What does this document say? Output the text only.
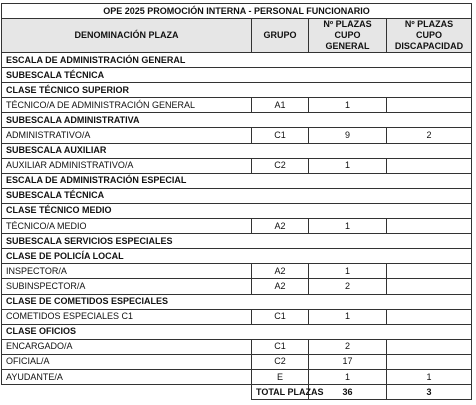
OPE 2025 PROMOCIÓN INTERNA - PERSONAL FUNCIONARIO			
DENOMINACIÓN PLAZA	GRUPO	Nº PLAZAS CUPO GENERAL	Nº PLAZAS CUPO DISCAPACIDAD
ESCALA DE ADMINISTRACIÓN GENERAL			
SUBESCALA TÉCNICA			
CLASE TÉCNICO SUPERIOR			
TÉCNICO/A DE ADMINISTRACIÓN GENERAL	A1	1	
SUBESCALA ADMINISTRATIVA			
ADMINISTRATIVO/A	C1	9	2
SUBESCALA AUXILIAR			
AUXILIAR ADMINISTRATIVO/A	C2	1	
ESCALA DE ADMINISTRACIÓN ESPECIAL			
SUBESCALA TÉCNICA			
CLASE TÉCNICO MEDIO			
TÉCNICO/A MEDIO	A2	1	
SUBESCALA SERVICIOS ESPECIALES			
CLASE DE POLICÍA LOCAL			
INSPECTOR/A	A2	1	
SUBINSPECTOR/A	A2	2	
CLASE DE COMETIDOS ESPECIALES			
COMETIDOS ESPECIALES C1	C1	1	
CLASE OFICIOS			
ENCARGADO/A	C1	2	
OFICIAL/A	C2	17	
AYUDANTE/A	E	1	1
	TOTAL PLAZAS	36	3
